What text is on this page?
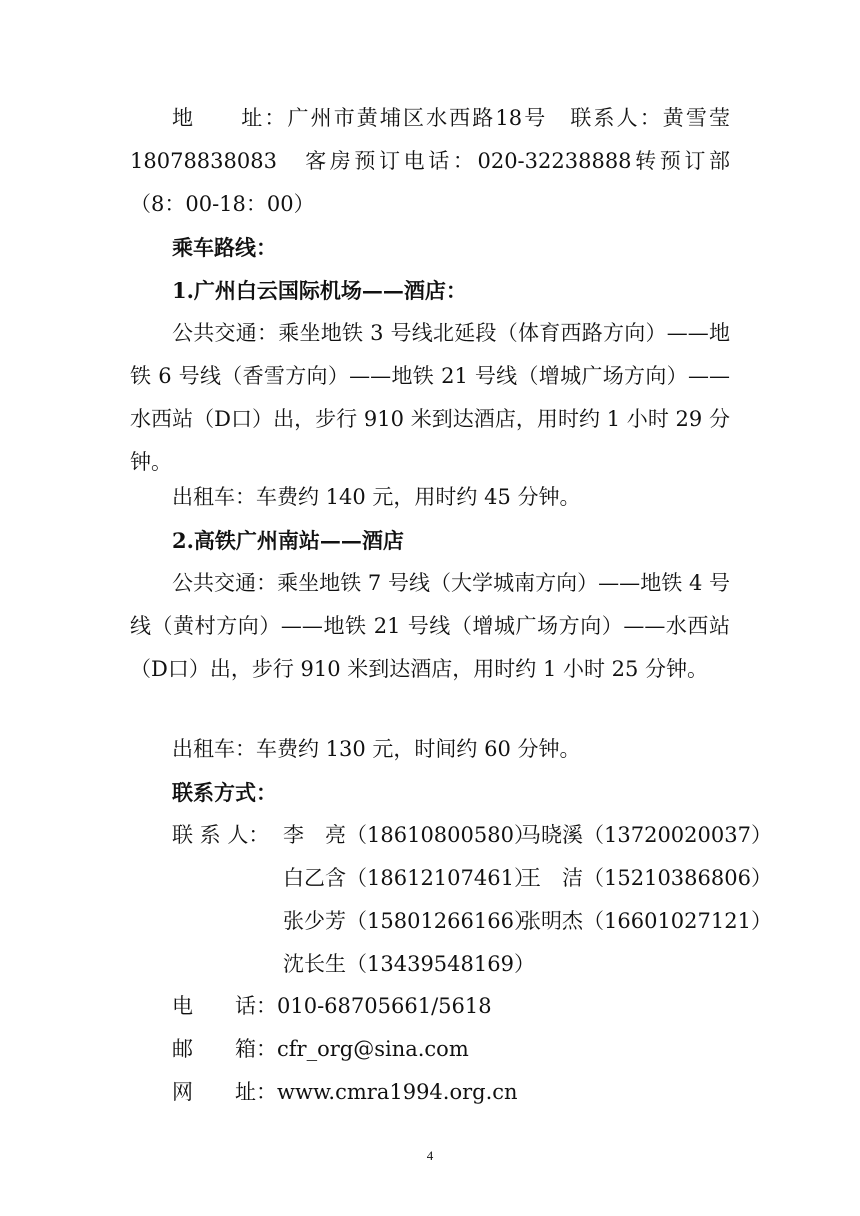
地　　址：广州市黄埔区水西路18号　联系人：黄雪莹 18078838083　客房预订电话：020-32238888转预订部（8：00-18：00）

乘车路线：

1.广州白云国际机场——酒店：

公共交通：乘坐地铁 3 号线北延段（体育西路方向）——地铁 6 号线（香雪方向）——地铁 21 号线（增城广场方向）——水西站（D口）出，步行 910 米到达酒店，用时约 1 小时 29 分钟。

出租车：车费约 140 元，用时约 45 分钟。

2.高铁广州南站——酒店

公共交通：乘坐地铁 7 号线（大学城南方向）——地铁 4 号线（黄村方向）——地铁 21 号线（增城广场方向）——水西站（D口）出，步行 910 米到达酒店，用时约 1 小时 25 分钟。

出租车：车费约 130 元，时间约 60 分钟。

联系方式：

联 系 人： 李　亮（18610800580）
马晓溪（13720020037）
白乙含（18612107461）
王　洁（15210386806）
张少芳（15801266166）
张明杰（16601027121）
沈长生（13439548169）
电　　话： 010-68705661/5618
邮　　箱： cfr_org@sina.com
网　　址： www.cmra1994.org.cn
4
